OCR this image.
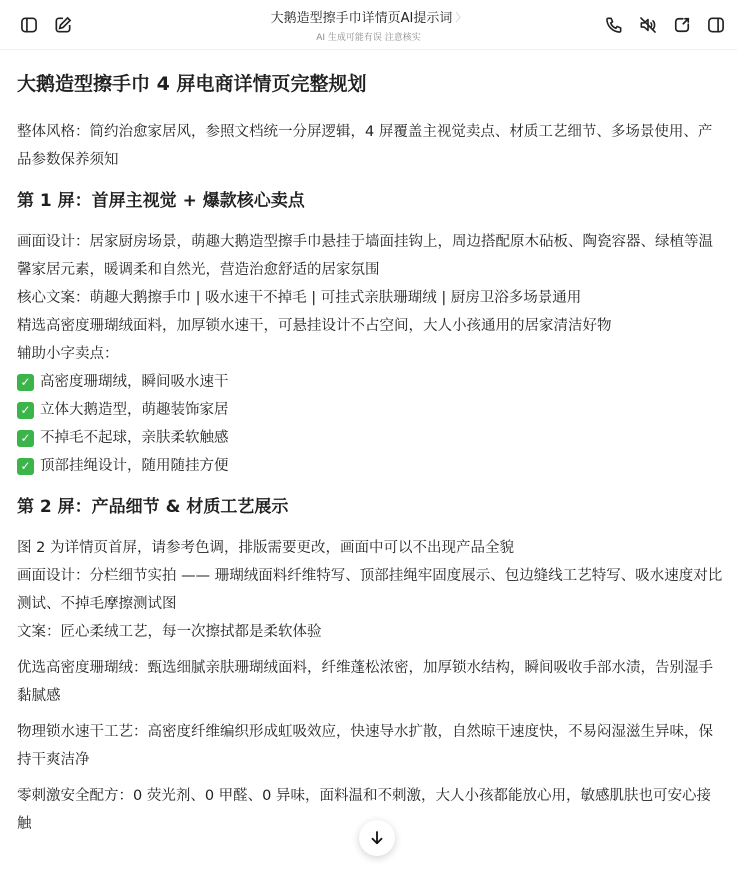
大鹅造型擦手巾详情页AI提示词 〉
AI 生成可能有误 注意核实
大鹅造型擦手巾 4 屏电商详情页完整规划

整体风格：简约治愈家居风，参照文档统一分屏逻辑，4 屏覆盖主视觉卖点、材质工艺细节、多场景使用、产品参数保养须知

第 1 屏：首屏主视觉 + 爆款核心卖点

画面设计：居家厨房场景，萌趣大鹅造型擦手巾悬挂于墙面挂钩上，周边搭配原木砧板、陶瓷容器、绿植等温馨家居元素，暖调柔和自然光，营造治愈舒适的居家氛围

核心文案：萌趣大鹅擦手巾 | 吸水速干不掉毛 | 可挂式亲肤珊瑚绒 | 厨房卫浴多场景通用

精选高密度珊瑚绒面料，加厚锁水速干，可悬挂设计不占空间，大人小孩通用的居家清洁好物

辅助小字卖点：

✓ 高密度珊瑚绒，瞬间吸水速干
✓ 立体大鹅造型，萌趣装饰家居
✓ 不掉毛不起球，亲肤柔软触感
✓ 顶部挂绳设计，随用随挂方便
第 2 屏：产品细节 & 材质工艺展示

图 2 为详情页首屏，请参考色调，排版需要更改，画面中可以不出现产品全貌

画面设计：分栏细节实拍 —— 珊瑚绒面料纤维特写、顶部挂绳牢固度展示、包边缝线工艺特写、吸水速度对比测试、不掉毛摩擦测试图

文案：匠心柔绒工艺，每一次擦拭都是柔软体验

优选高密度珊瑚绒：甄选细腻亲肤珊瑚绒面料，纤维蓬松浓密，加厚锁水结构，瞬间吸收手部水渍，告别湿手黏腻感

物理锁水速干工艺：高密度纤维编织形成虹吸效应，快速导水扩散，自然晾干速度快，不易闷湿滋生异味，保持干爽洁净

零刺激安全配方：0 荧光剂、0 甲醛、0 异味，面料温和不刺激，大人小孩都能放心用，敏感肌肤也可安心接触
